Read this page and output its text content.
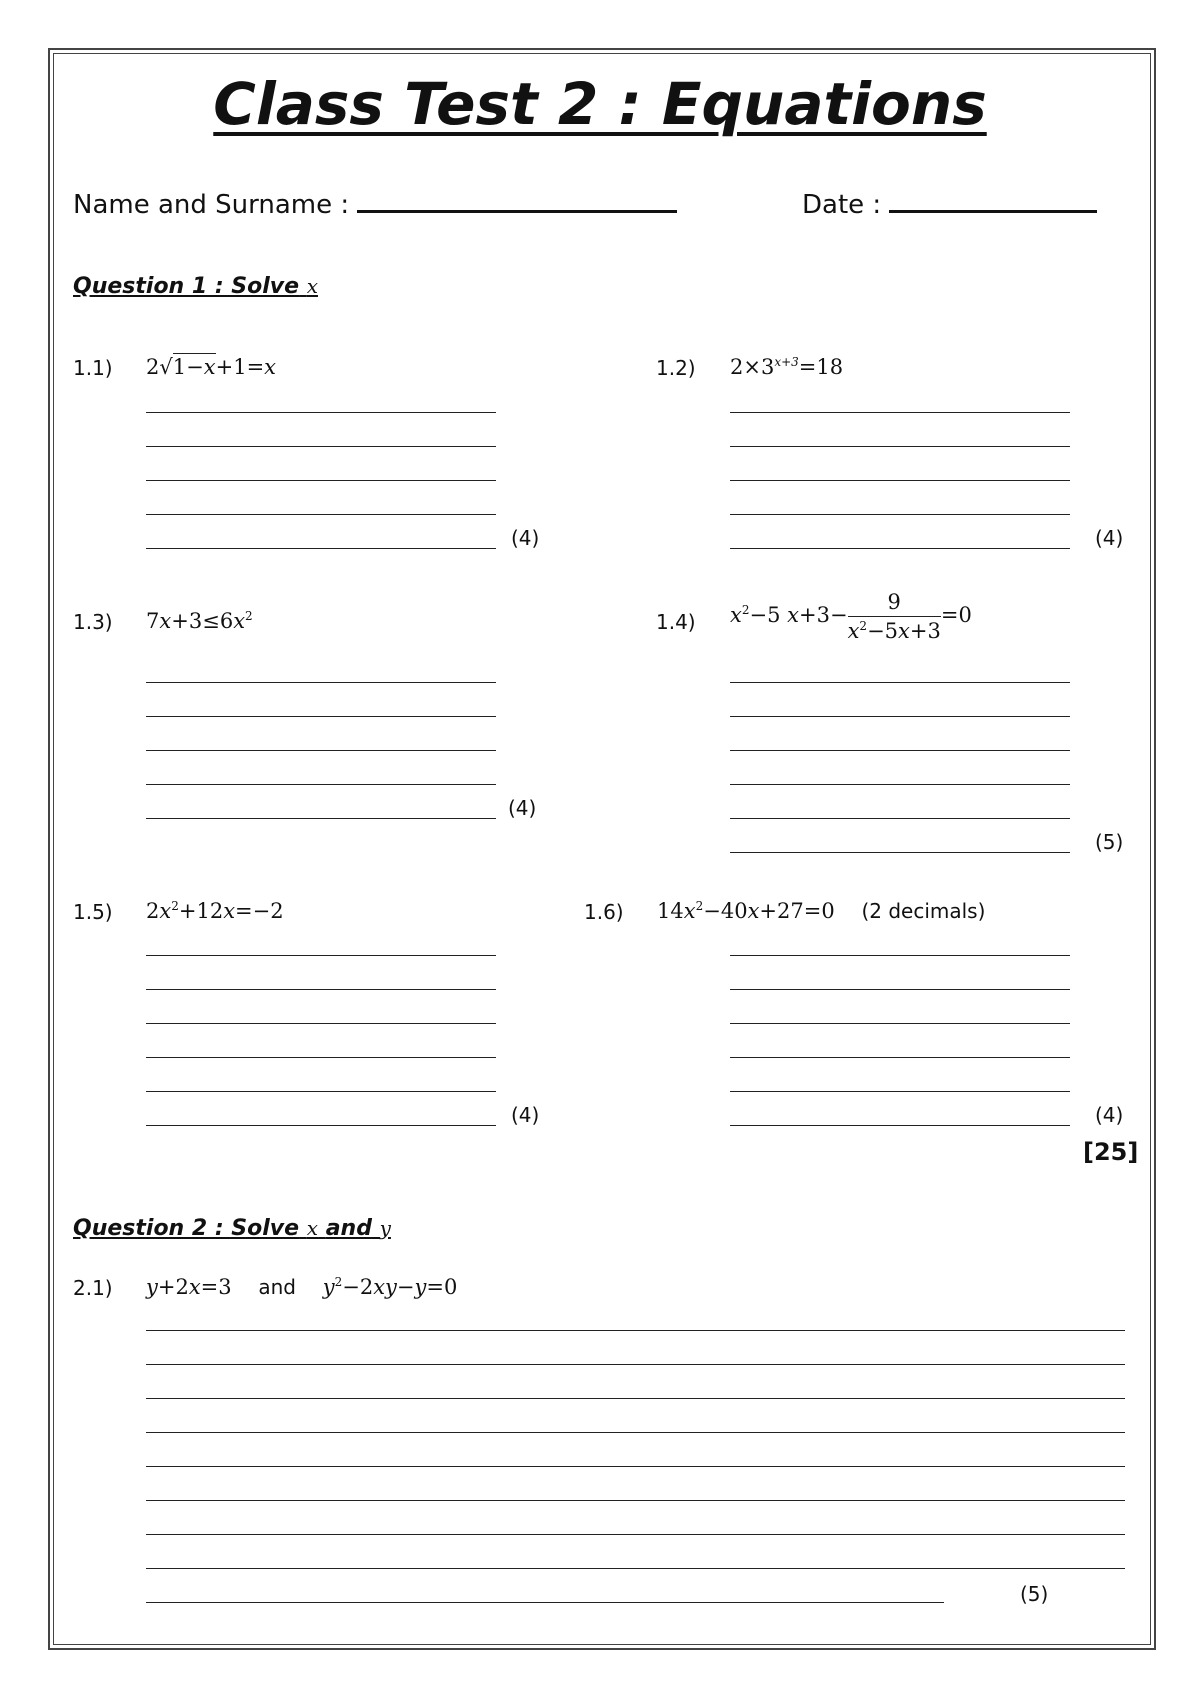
Class Test 2 : Equations
Name and Surname :	Date :
Question 1 : Solve x
1.1) 2√1−x+1=x
(4)
1.2) $2\times 3^{x+3}=18$
(4)
1.3) $7x+3\le 6x^2$
(4)
1.4) $x^2-5$ $x+3- \frac{9}{x^2-5x+3} =0$
(5)
1.5) $2x^2+12x=-2$
(4)
1.6) $14x^2-40x+27=0$ (2 decimals)
(4)
[25]
Question 2 : Solve x and y
2.1) y+2x=3 and    $y^2-2xy-y=0$
(5)
